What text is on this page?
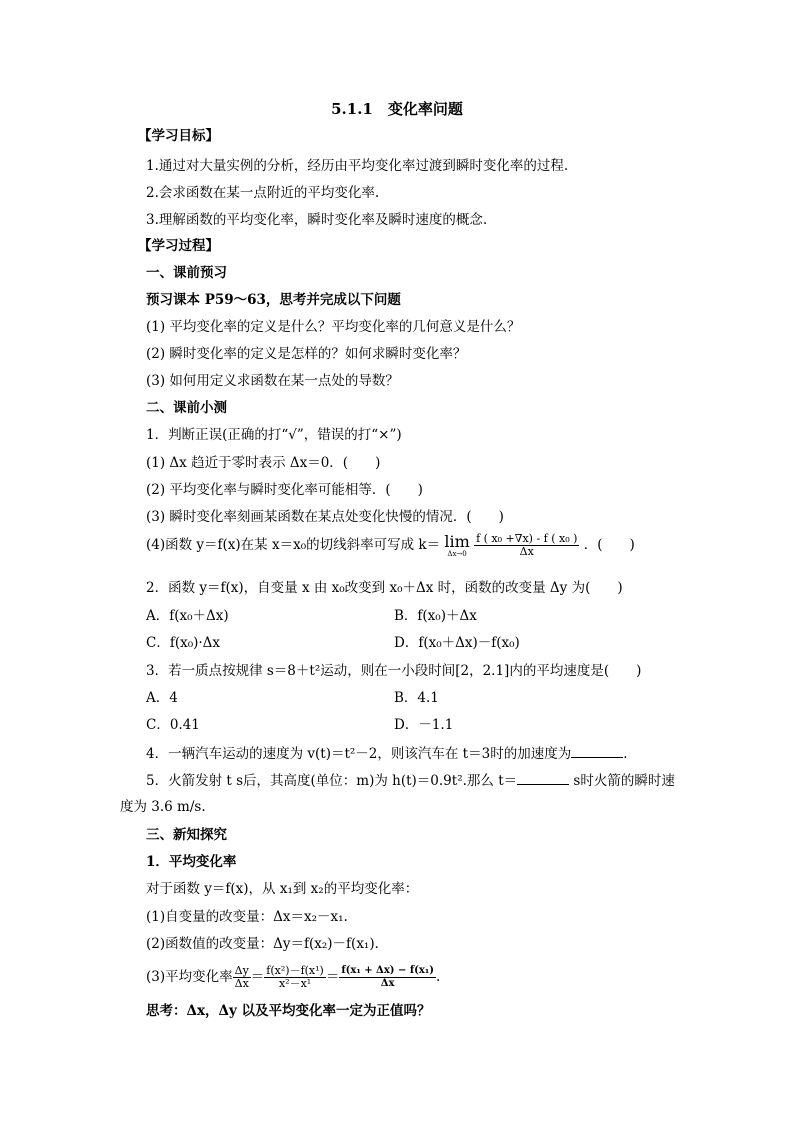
5.1.1　变化率问题
【学习目标】
1.通过对大量实例的分析，经历由平均变化率过渡到瞬时变化率的过程.
2.会求函数在某一点附近的平均变化率.
3.理解函数的平均变化率，瞬时变化率及瞬时速度的概念.
【学习过程】
一、课前预习
预习课本 P59～63，思考并完成以下问题
(1) 平均变化率的定义是什么？平均变化率的几何意义是什么？
(2) 瞬时变化率的定义是怎样的？如何求瞬时变化率？
(3) 如何用定义求函数在某一点处的导数？
二、课前小测
1．判断正误(正确的打“√”，错误的打“×”)
(1) Δx 趋近于零时表示 Δx＝0．(　　)
(2) 平均变化率与瞬时变化率可能相等．(　　)
(3) 瞬时变化率刻画某函数在某点处变化快慢的情况．(　　)
(4)函数 y＝f(x)在某 x＝x₀的切线斜率可写成 k＝ lim
Δx→0
$\frac{\text{f ( x₀ +∇x) - f ( x₀ )}}{\Delta x}$ ．(　　)
2．函数 y＝f(x)，自变量 x 由 x₀改变到 x₀＋Δx 时，函数的改变量 Δy 为(　　)
A．f(x₀＋Δx)	B．f(x₀)＋Δx
C．f(x₀)·Δx	D．f(x₀＋Δx)－f(x₀)
3．若一质点按规律 s＝8＋t²运动，则在一小段时间[2，2.1]内的平均速度是(　　)
A．4	B．4.1
C．0.41	D．－1.1
4．一辆汽车运动的速度为 v(t)＝t²－2，则该汽车在 t＝3时的加速度为	．
5．火箭发射 t s后，其高度(单位：m)为 h(t)＝0.9t².那么 t＝	s时火箭的瞬时速
度为 3.6 m/s.
三、新知探究
1．平均变化率
对于函数 y＝f(x)，从 x₁到 x₂的平均变化率：
(1)自变量的改变量：Δx＝x₂－x₁.
(2)函数值的改变量：Δy＝f(x₂)－f(x₁)．
(3)平均变化率 $\frac{\Delta y}{\Delta x} = \frac{\text{f(x²)－f(x¹)}}{\text{x²－x¹}} = \frac{\text{f(x₁ + Δx) − f(x₁)}}{\Delta x}$ .
思考：Δx，Δy 以及平均变化率一定为正值吗？
